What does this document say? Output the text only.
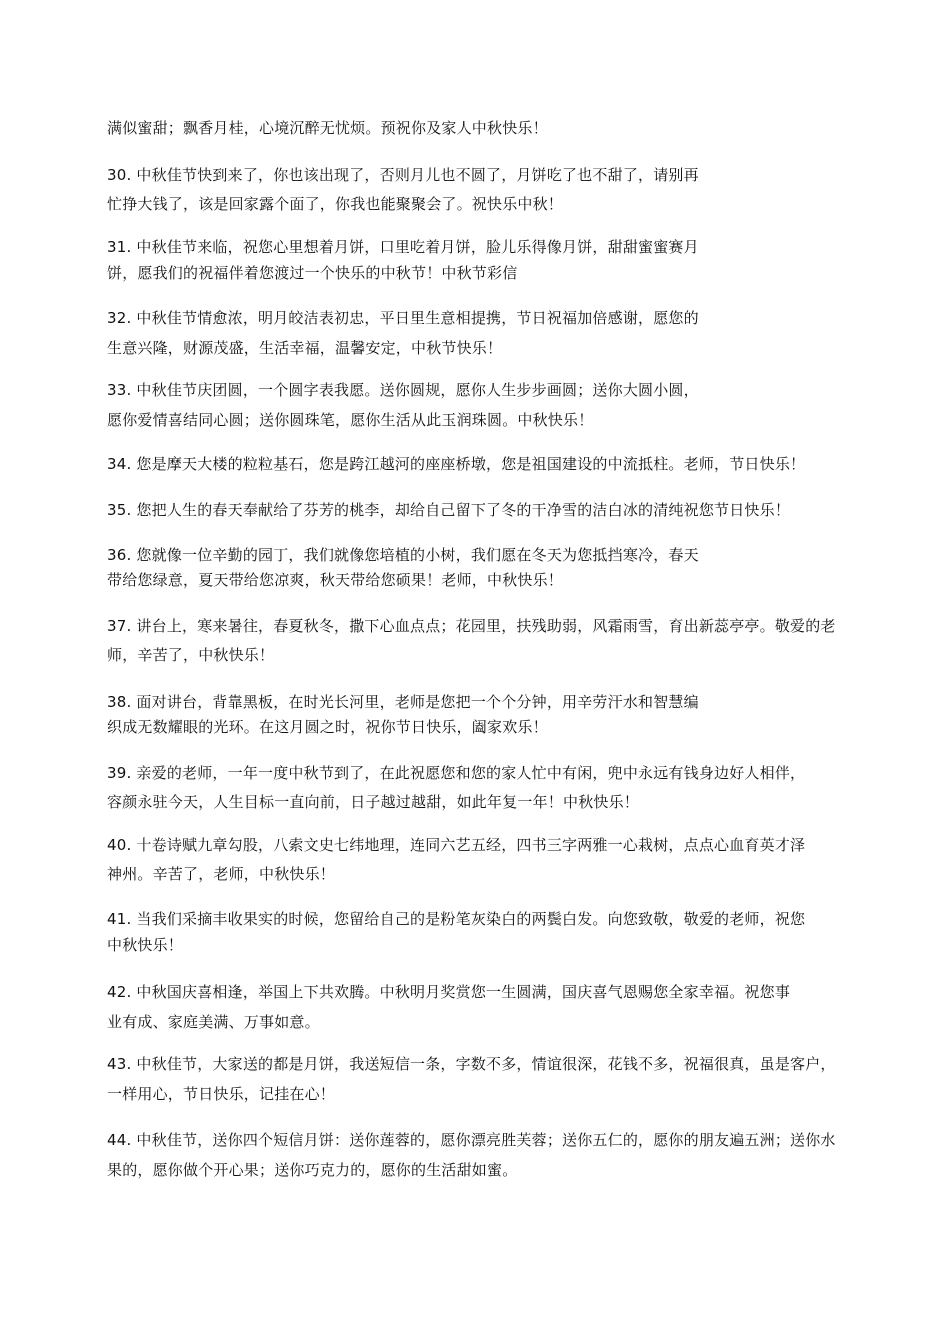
满似蜜甜；飘香月桂，心境沉醉无忧烦。预祝你及家人中秋快乐！
30. 中秋佳节快到来了，你也该出现了，否则月儿也不圆了，月饼吃了也不甜了，请别再
忙挣大钱了，该是回家露个面了，你我也能聚聚会了。祝快乐中秋！
31. 中秋佳节来临，祝您心里想着月饼，口里吃着月饼，脸儿乐得像月饼，甜甜蜜蜜赛月
饼，愿我们的祝福伴着您渡过一个快乐的中秋节！中秋节彩信
32. 中秋佳节情愈浓，明月皎洁表初忠，平日里生意相提携，节日祝福加倍感谢，愿您的
生意兴隆，财源茂盛，生活幸福，温馨安定，中秋节快乐！
33. 中秋佳节庆团圆，一个圆字表我愿。送你圆规，愿你人生步步画圆；送你大圆小圆，
愿你爱情喜结同心圆；送你圆珠笔，愿你生活从此玉润珠圆。中秋快乐！
34. 您是摩天大楼的粒粒基石，您是跨江越河的座座桥墩，您是祖国建设的中流抵柱。老师，节日快乐！
35. 您把人生的春天奉献给了芬芳的桃李，却给自己留下了冬的干净雪的洁白冰的清纯祝您节日快乐！
36. 您就像一位辛勤的园丁，我们就像您培植的小树，我们愿在冬天为您抵挡寒冷，春天
带给您绿意，夏天带给您凉爽，秋天带给您硕果！老师，中秋快乐！
37. 讲台上，寒来暑往，春夏秋冬，撒下心血点点；花园里，扶残助弱，风霜雨雪，育出新蕊亭亭。敬爱的老
师，辛苦了，中秋快乐！
38. 面对讲台，背靠黑板，在时光长河里，老师是您把一个个分钟，用辛劳汗水和智慧编
织成无数耀眼的光环。在这月圆之时，祝你节日快乐，阖家欢乐！
39. 亲爱的老师，一年一度中秋节到了，在此祝愿您和您的家人忙中有闲，兜中永远有钱身边好人相伴，
容颜永驻今天，人生目标一直向前，日子越过越甜，如此年复一年！中秋快乐！
40. 十卷诗赋九章勾股，八索文史七纬地理，连同六艺五经，四书三字两雅一心栽树，点点心血育英才泽
神州。辛苦了，老师，中秋快乐！
41. 当我们采摘丰收果实的时候，您留给自己的是粉笔灰染白的两鬓白发。向您致敬，敬爱的老师，祝您
中秋快乐！
42. 中秋国庆喜相逢，举国上下共欢腾。中秋明月奖赏您一生圆满，国庆喜气恩赐您全家幸福。祝您事
业有成、家庭美满、万事如意。
43. 中秋佳节，大家送的都是月饼，我送短信一条，字数不多，情谊很深，花钱不多，祝福很真，虽是客户，
一样用心，节日快乐，记挂在心！
44. 中秋佳节，送你四个短信月饼：送你莲蓉的，愿你漂亮胜芙蓉；送你五仁的，愿你的朋友遍五洲；送你水
果的，愿你做个开心果；送你巧克力的，愿你的生活甜如蜜。
